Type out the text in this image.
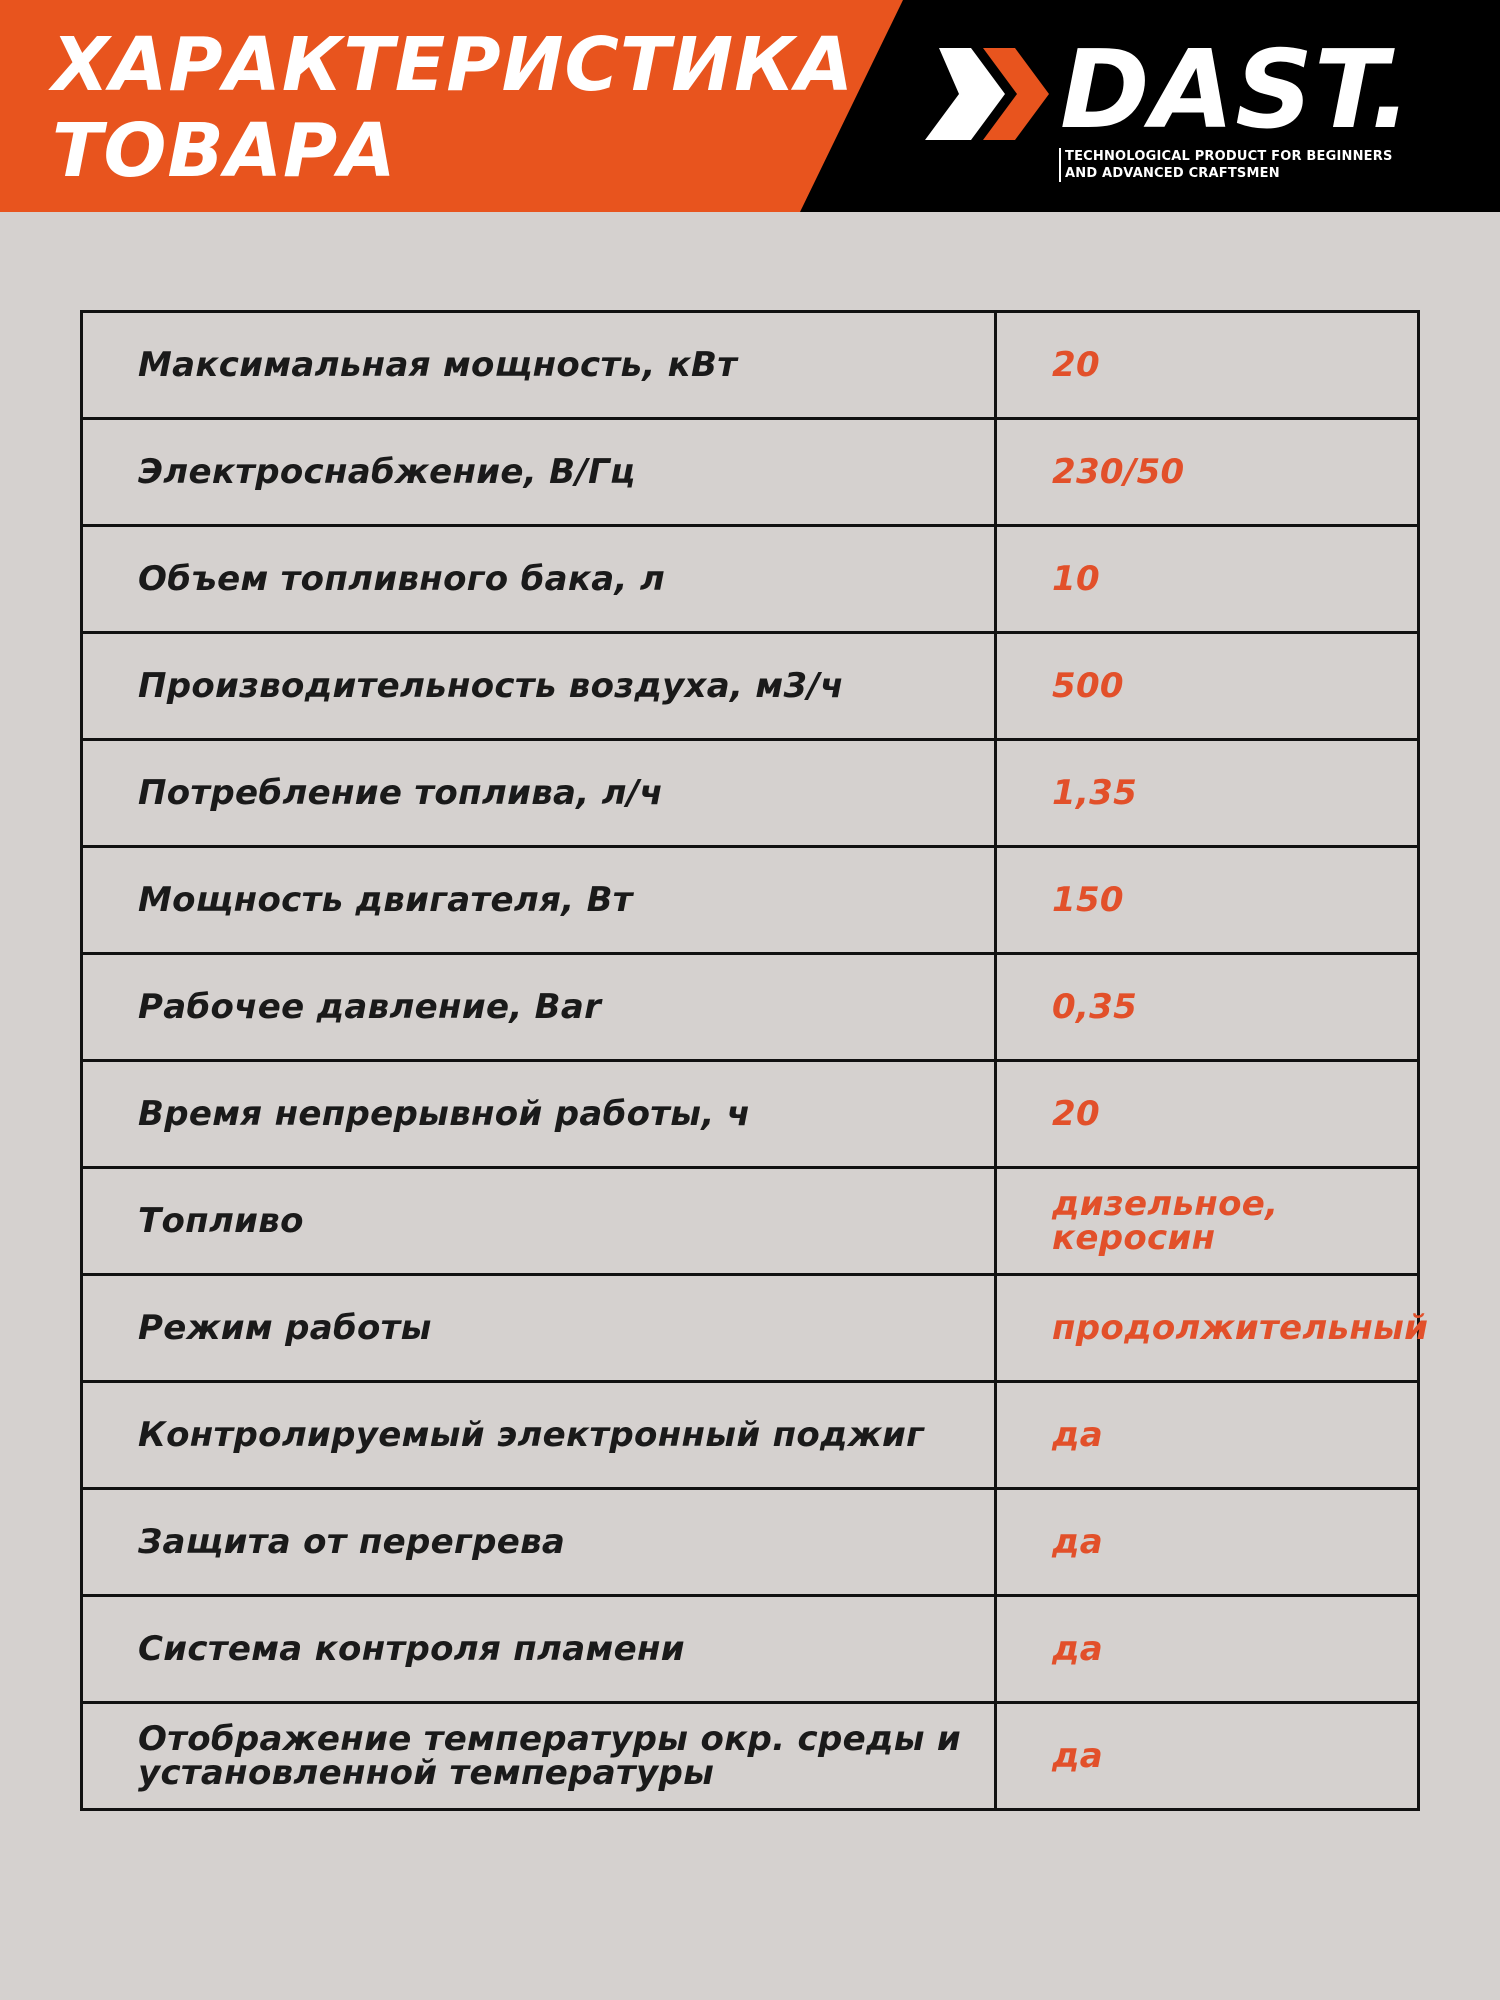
ХАРАКТЕРИСТИКА
ТОВАРА	DAST.
TECHNOLOGICAL PRODUCT FOR BEGINNERS
AND ADVANCED CRAFTSMEN
Максимальная мощность, кВт	20
Электроснабжение, В/Гц	230/50
Объем топливного бака, л	10
Производительность воздуха, м3/ч	500
Потребление топлива, л/ч	1,35
Мощность двигателя, Вт	150
Рабочее давление, Bar	0,35
Время непрерывной работы, ч	20
Топливо	дизельное, керосин
Режим работы	продолжительный
Контролируемый электронный поджиг	да
Защита от перегрева	да
Система контроля пламени	да
Отображение температуры окр. среды и установленной температуры	да
